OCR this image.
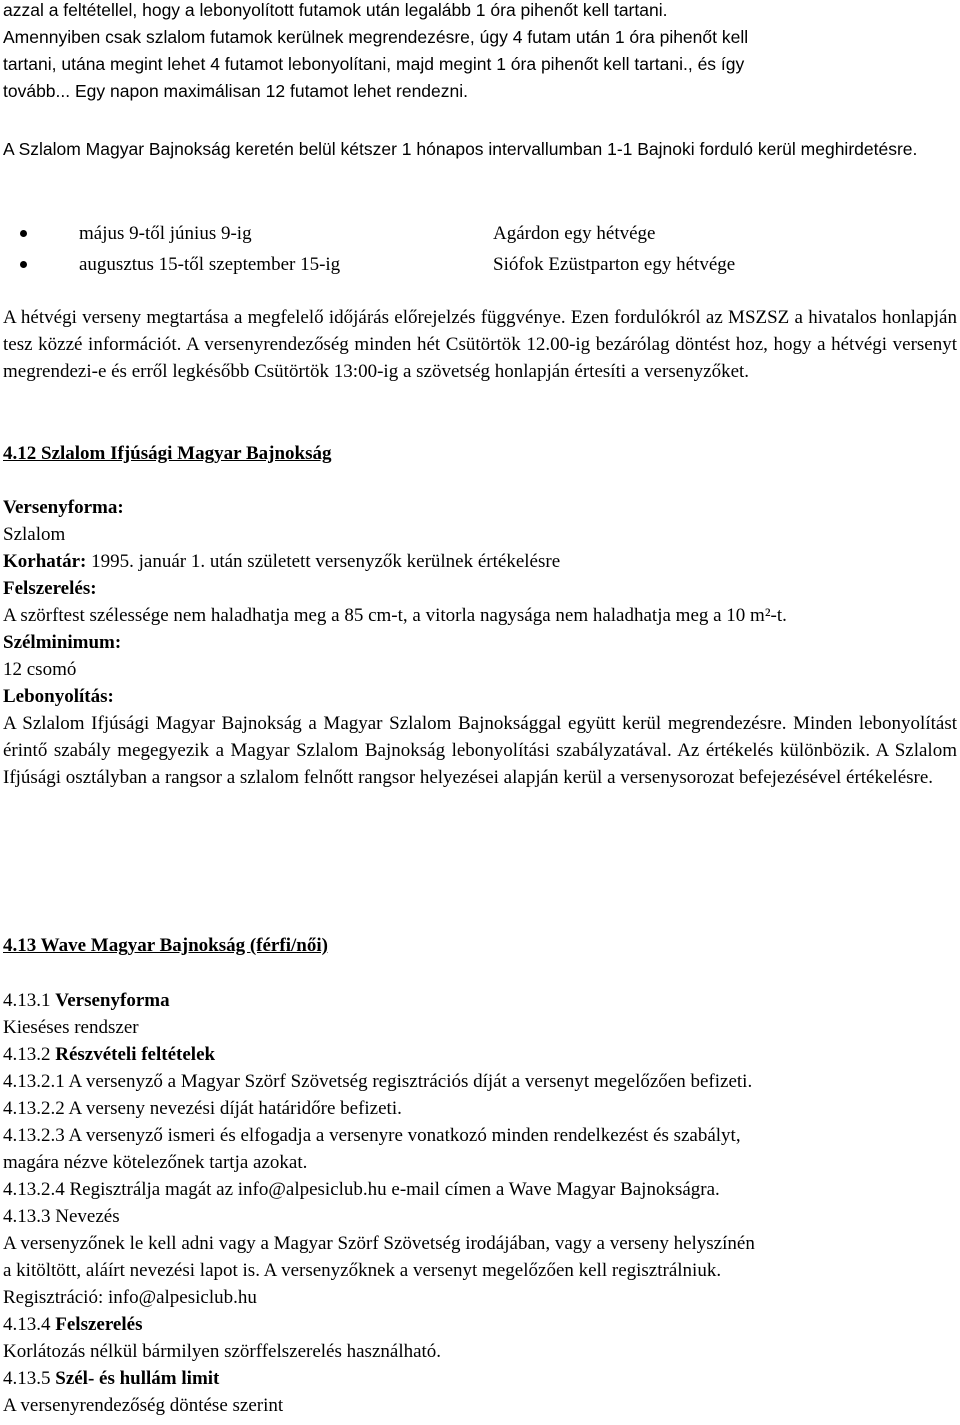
azzal a feltétellel, hogy a lebonyolított futamok után legalább 1 óra pihenőt kell tartani.

Amennyiben csak szlalom futamok kerülnek megrendezésre, úgy 4 futam után 1 óra pihenőt kell

tartani, utána megint lehet 4 futamot lebonyolítani, majd megint 1 óra pihenőt kell tartani., és így

tovább... Egy napon maximálisan 12 futamot lehet rendezni.

A Szlalom Magyar Bajnokság keretén belül kétszer 1 hónapos intervallumban 1-1 Bajnoki forduló kerül meghirdetésre.

május 9-től június 9-ig	Agárdon egy hétvége
augusztus 15-től szeptember 15-ig	Siófok Ezüstparton egy hétvége

A hétvégi verseny megtartása a megfelelő időjárás előrejelzés függvénye. Ezen fordulókról az MSZSZ a hivatalos honlapján tesz közzé információt. A versenyrendezőség minden hét Csütörtök 12.00-ig bezárólag döntést hoz, hogy a hétvégi versenyt megrendezi-e és erről legkésőbb Csütörtök 13:00-ig a szövetség honlapján értesíti a versenyzőket.

4.12 Szlalom Ifjúsági Magyar Bajnokság

Versenyforma:

Szlalom

Korhatár: 1995. január 1. után született versenyzők kerülnek értékelésre

Felszerelés:

A szörftest szélessége nem haladhatja meg a 85 cm-t, a vitorla nagysága nem haladhatja meg a 10 m²-t.

Szélminimum:

12 csomó

Lebonyolítás:

A Szlalom Ifjúsági Magyar Bajnokság a Magyar Szlalom Bajnoksággal együtt kerül megrendezésre. Minden lebonyolítást érintő szabály megegyezik a Magyar Szlalom Bajnokság lebonyolítási szabályzatával. Az értékelés különbözik. A Szlalom Ifjúsági osztályban a rangsor a szlalom felnőtt rangsor helyezései alapján kerül a versenysorozat befejezésével értékelésre.

4.13 Wave Magyar Bajnokság (férfi/női)

4.13.1 Versenyforma

Kieséses rendszer

4.13.2 Részvételi feltételek

4.13.2.1 A versenyző a Magyar Szörf Szövetség regisztrációs díját a versenyt megelőzően befizeti.

4.13.2.2 A verseny nevezési díját határidőre befizeti.

4.13.2.3 A versenyző ismeri és elfogadja a versenyre vonatkozó minden rendelkezést és szabályt,

magára nézve kötelezőnek tartja azokat.

4.13.2.4 Regisztrálja magát az info@alpesiclub.hu e-mail címen a Wave Magyar Bajnokságra.

4.13.3 Nevezés

A versenyzőnek le kell adni vagy a Magyar Szörf Szövetség irodájában, vagy a verseny helyszínén

a kitöltött, aláírt nevezési lapot is. A versenyzőknek a versenyt megelőzően kell regisztrálniuk.

Regisztráció: info@alpesiclub.hu

4.13.4 Felszerelés

Korlátozás nélkül bármilyen szörffelszerelés használható.

4.13.5 Szél- és hullám limit

A versenyrendezőség döntése szerint
